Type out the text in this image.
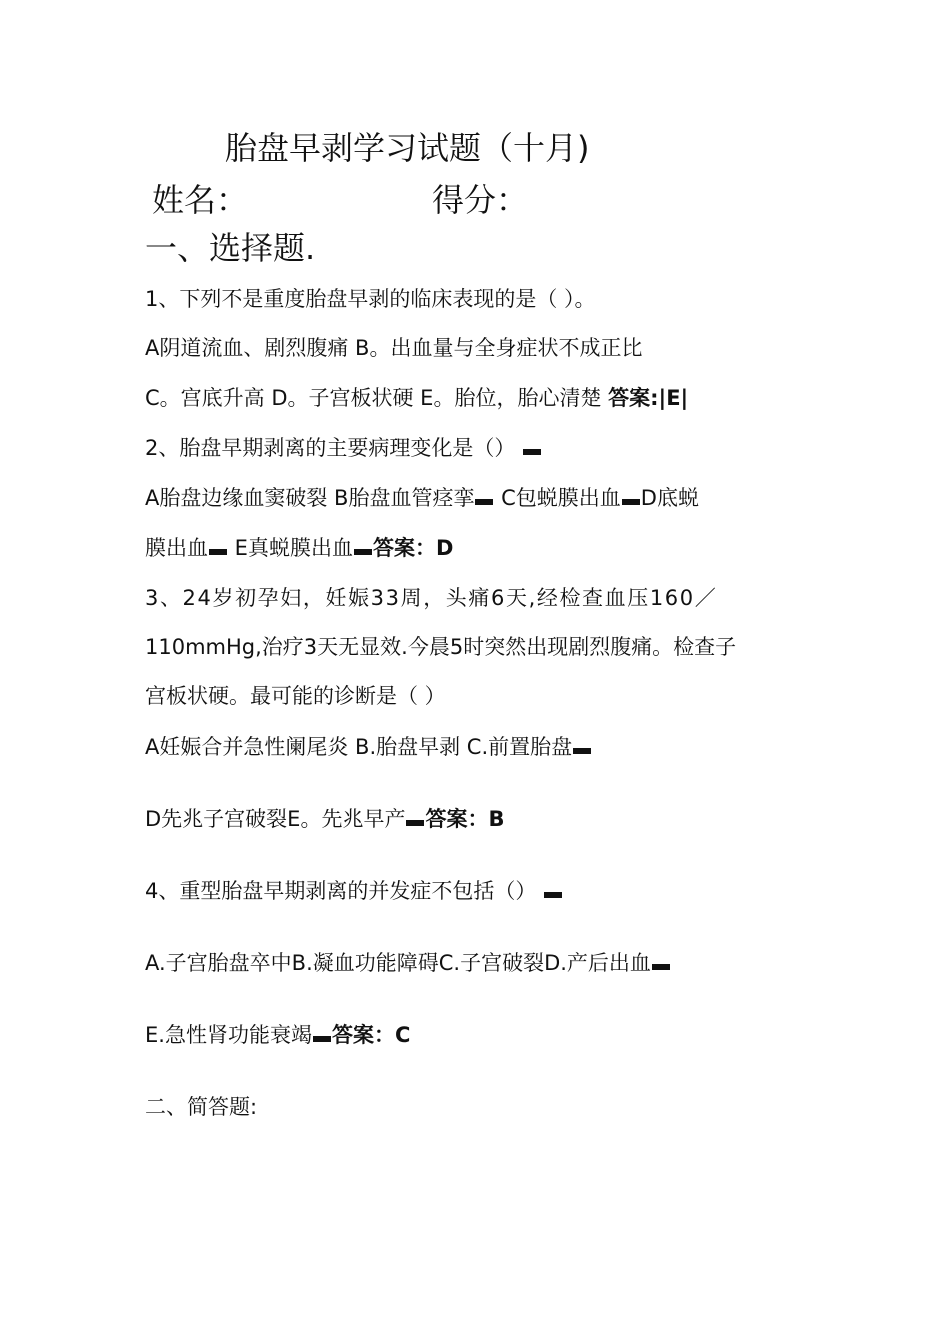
胎盘早剥学习试题（十月)
姓名：	得分：
一、选择题.
1、下列不是重度胎盘早剥的临床表现的是（ ）。
A阴道流血、剧烈腹痛 B。出血量与全身症状不成正比
C。宫底升高 D。子宫板状硬 E。胎位，胎心清楚 答案:|E|
2、胎盘早期剥离的主要病理变化是（）
A胎盘边缘血窦破裂 B胎盘血管痉挛 C包蜕膜出血 D底蜕
膜出血 E真蜕膜出血 答案：D
3、24岁初孕妇，妊娠33周，头痛6天,经检查血压160／
110mmHg,治疗3天无显效.今晨5时突然出现剧烈腹痛。检查子
宫板状硬。最可能的诊断是（ ）
A妊娠合并急性阑尾炎 B.胎盘早剥 C.前置胎盘
D先兆子宫破裂E。先兆早产 答案：B
4、重型胎盘早期剥离的并发症不包括（）
A.子宫胎盘卒中B.凝血功能障碍C.子宫破裂D.产后出血
E.急性肾功能衰竭 答案：C
二、简答题:
